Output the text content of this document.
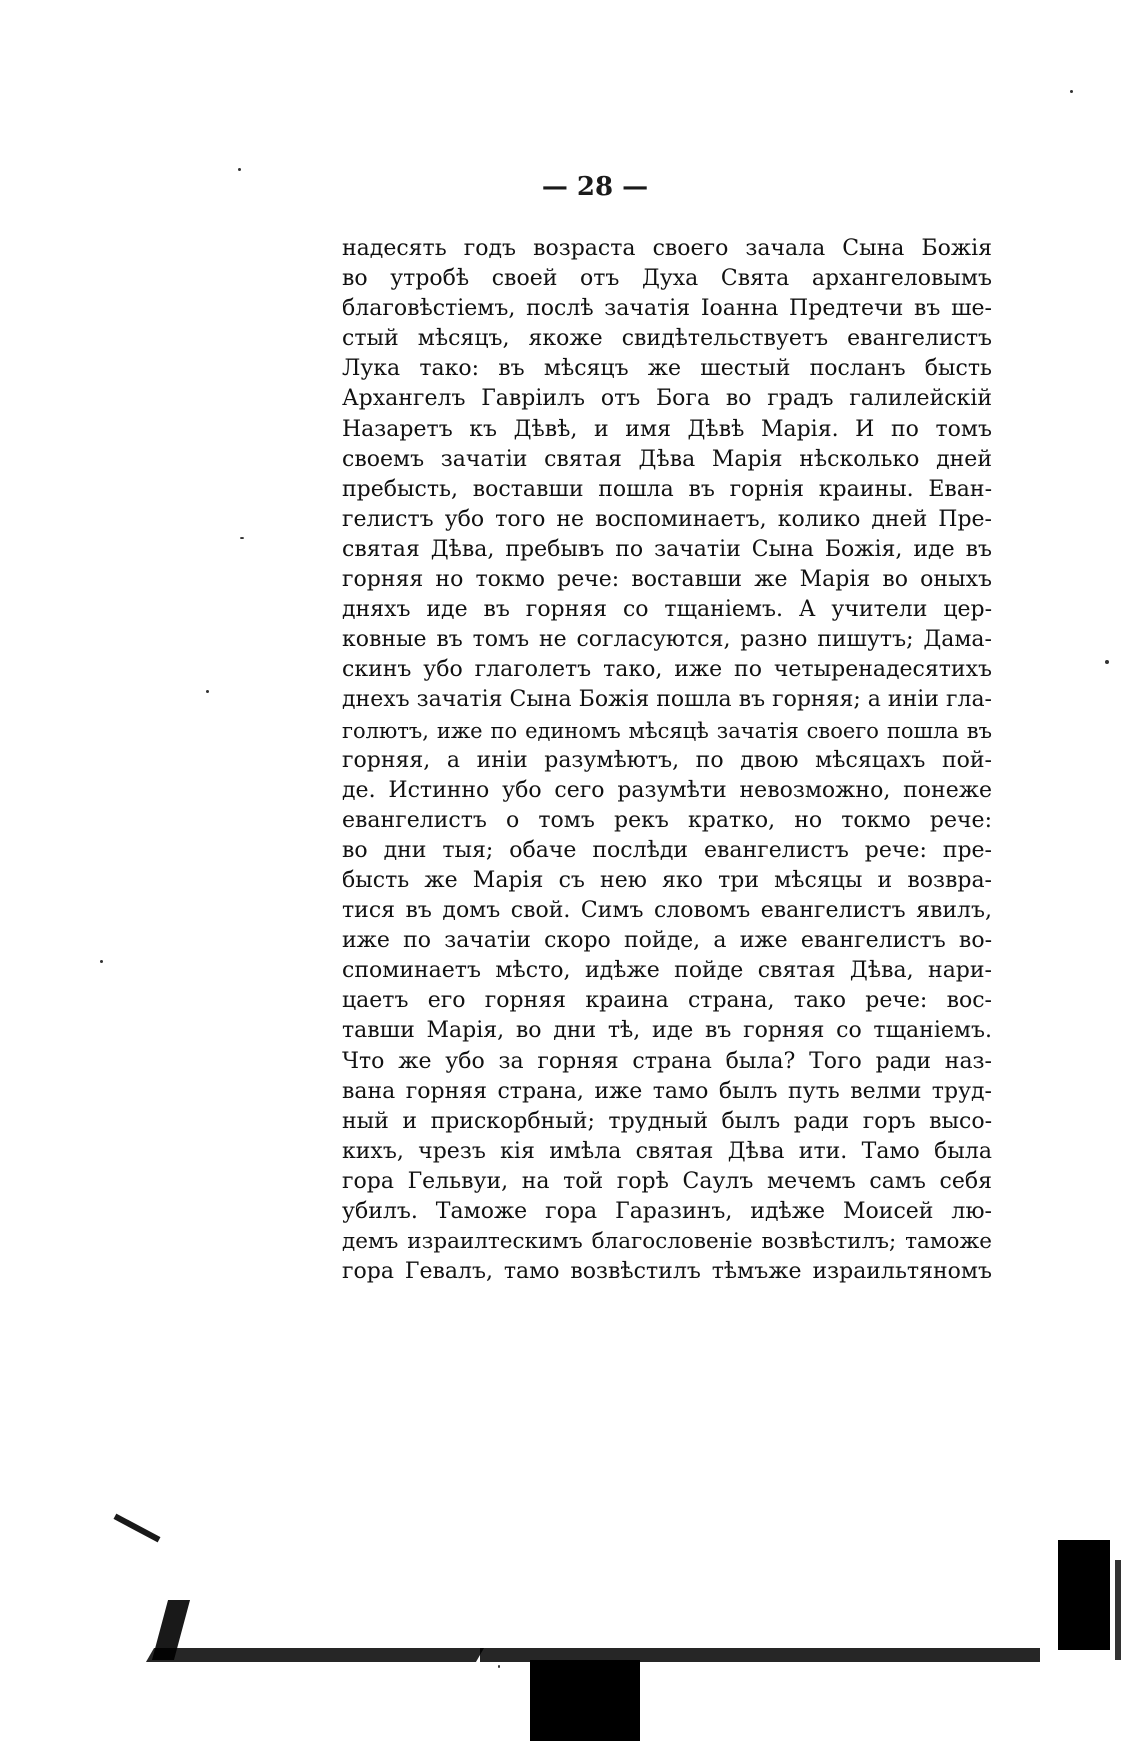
— 28 —
надесять годъ возраста своего зачала Сына Божія
во утробѣ своей отъ Духа Свята архангеловымъ
благовѣстіемъ, послѣ зачатія Іоанна Предтечи въ ше-
стый мѣсяцъ, якоже свидѣтельствуетъ евангелистъ
Лука тако: въ мѣсяцъ же шестый посланъ бысть
Архангелъ Гавріилъ отъ Бога во градъ галилейскій
Назаретъ къ Дѣвѣ, и имя Дѣвѣ Марія. И по томъ
своемъ зачатіи святая Дѣва Марія нѣсколько дней
пребысть, воставши пошла въ горнія краины. Еван-
гелистъ убо того не воспоминаетъ, колико дней Пре-
святая Дѣва, пребывъ по зачатіи Сына Божія, иде въ
горняя но токмо рече: воставши же Марія во оныхъ
дняхъ иде въ горняя со тщаніемъ. А учители цер-
ковные въ томъ не согласуются, разно пишутъ; Дама-
скинъ убо глаголетъ тако, иже по четыренадесятихъ
днехъ зачатія Сына Божія пошла въ горняя; а иніи гла-
голютъ, иже по единомъ мѣсяцѣ зачатія своего пошла въ
горняя, а иніи разумѣютъ, по двою мѣсяцахъ пой-
де. Истинно убо сего разумѣти невозможно, понеже
евангелистъ о томъ рекъ кратко, но токмо рече:
во дни тыя; обаче послѣди евангелистъ рече: пре-
бысть же Марія съ нею яко три мѣсяцы и возвра-
тися въ домъ свой. Симъ словомъ евангелистъ явилъ,
иже по зачатіи скоро пойде, а иже евангелистъ во-
споминаетъ мѣсто, идѣже пойде святая Дѣва, нари-
цаетъ его горняя краина страна, тако рече: вос-
тавши Марія, во дни тѣ, иде въ горняя со тщаніемъ.
Что же убо за горняя страна была? Того ради наз-
вана горняя страна, иже тамо былъ путь велми труд-
ный и прискорбный; трудный былъ ради горъ высо-
кихъ, чрезъ кія имѣла святая Дѣва ити. Тамо была
гора Гельвуи, на той горѣ Саулъ мечемъ самъ себя
убилъ. Таможе гора Гаразинъ, идѣже Моисей лю-
демъ израилтескимъ благословеніе возвѣстилъ; таможе
гора Гевалъ, тамо возвѣстилъ тѣмъже израильтяномъ
